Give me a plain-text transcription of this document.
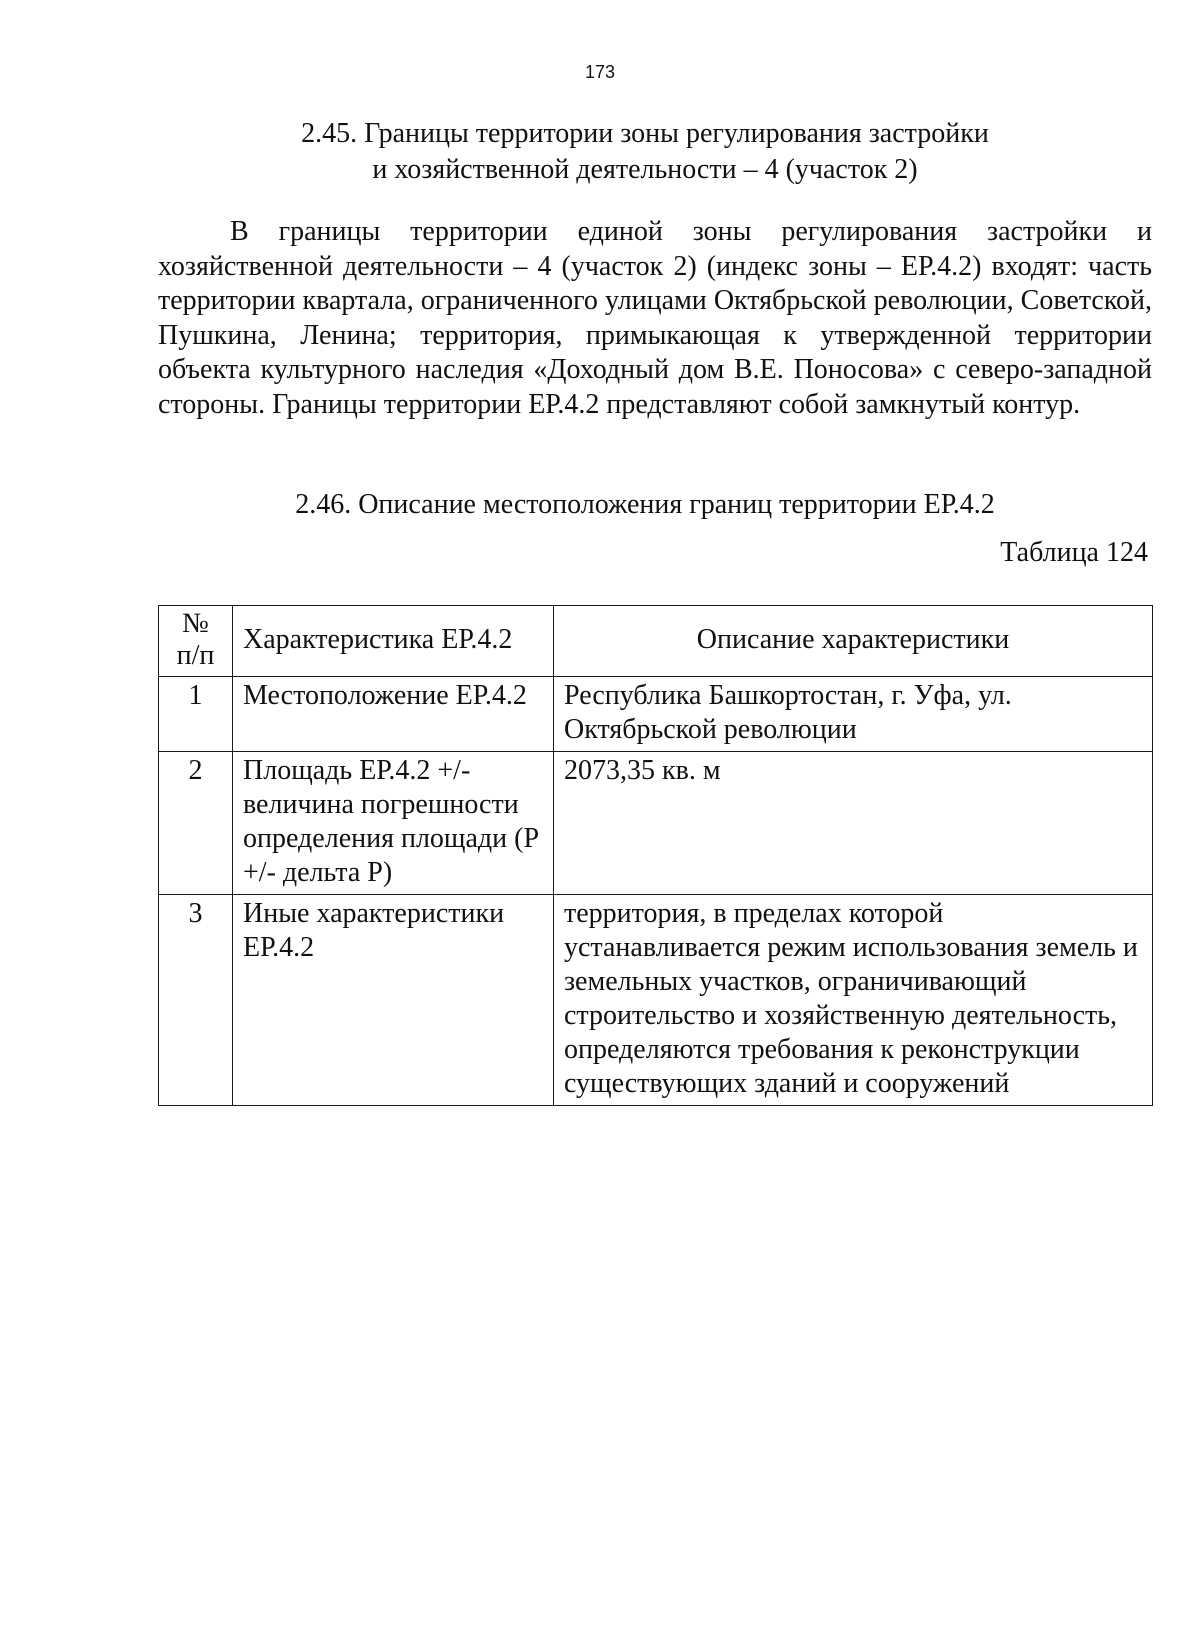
173
2.45. Границы территории зоны регулирования застройки
и хозяйственной деятельности – 4 (участок 2)

В границы территории единой зоны регулирования застройки и хозяйственной деятельности – 4 (участок 2) (индекс зоны – ЕР.4.2) входят: часть территории квартала, ограниченного улицами Октябрьской революции, Советской, Пушкина, Ленина; территория, примыкающая к утвержденной территории объекта культурного наследия «Доходный дом В.Е. Поносова» с северо-западной стороны. Границы территории ЕР.4.2 представляют собой замкнутый контур.

2.46. Описание местоположения границ территории ЕР.4.2
Таблица 124
№
п/п	Характеристика ЕР.4.2	Описание характеристики
1	Местоположение ЕР.4.2	Республика Башкортостан, г. Уфа, ул. Октябрьской революции
2	Площадь ЕР.4.2 +/- величина погрешности определения площади (Р +/- дельта Р)	2073,35 кв. м
3	Иные характеристики ЕР.4.2	территория, в пределах которой устанавливается режим использования земель и земельных участков, ограничивающий строительство и хозяйственную деятельность, определяются требования к реконструкции существующих зданий и сооружений
